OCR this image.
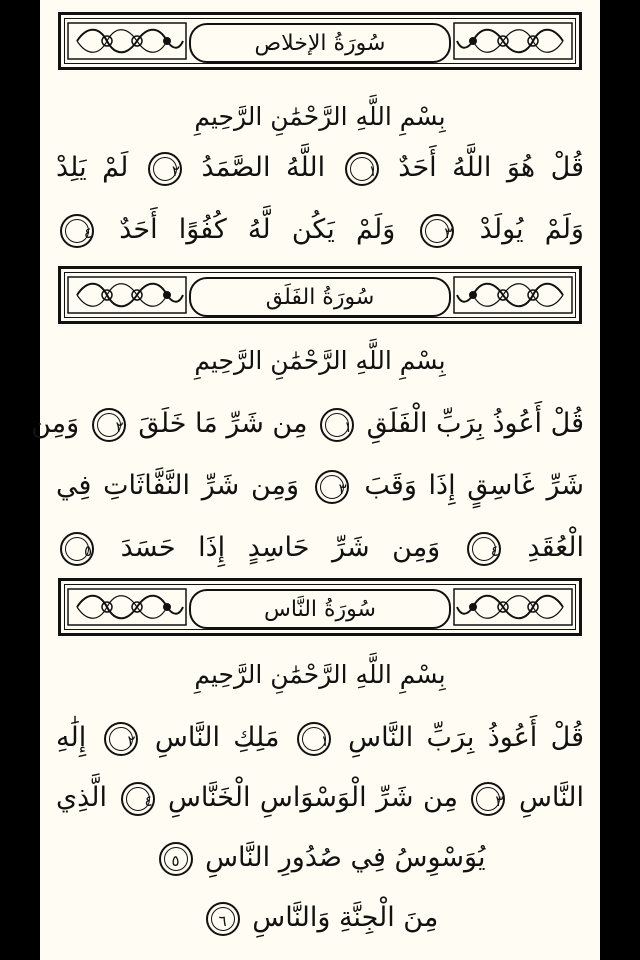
سُورَةُ الإخلاص
بِسْمِ اللَّهِ الرَّحْمَٰنِ الرَّحِيمِ
قُلْ هُوَ اللَّهُ أَحَدٌ ١ اللَّهُ الصَّمَدُ ٢ لَمْ يَلِدْ
وَلَمْ يُولَدْ ٣ وَلَمْ يَكُن لَّهُ كُفُوًا أَحَدٌ ٤
سُورَةُ الفَلَق
بِسْمِ اللَّهِ الرَّحْمَٰنِ الرَّحِيمِ
قُلْ أَعُوذُ بِرَبِّ الْفَلَقِ ١ مِن شَرِّ مَا خَلَقَ ٢ وَمِن
شَرِّ غَاسِقٍ إِذَا وَقَبَ ٣ وَمِن شَرِّ النَّفَّاثَاتِ فِي
الْعُقَدِ ٤ وَمِن شَرِّ حَاسِدٍ إِذَا حَسَدَ ٥
سُورَةُ النَّاس
بِسْمِ اللَّهِ الرَّحْمَٰنِ الرَّحِيمِ
قُلْ أَعُوذُ بِرَبِّ النَّاسِ ١ مَلِكِ النَّاسِ ٢ إِلَٰهِ
النَّاسِ ٣ مِن شَرِّ الْوَسْوَاسِ الْخَنَّاسِ ٤ الَّذِي
يُوَسْوِسُ فِي صُدُورِ النَّاسِ ٥
مِنَ الْجِنَّةِ وَالنَّاسِ ٦
